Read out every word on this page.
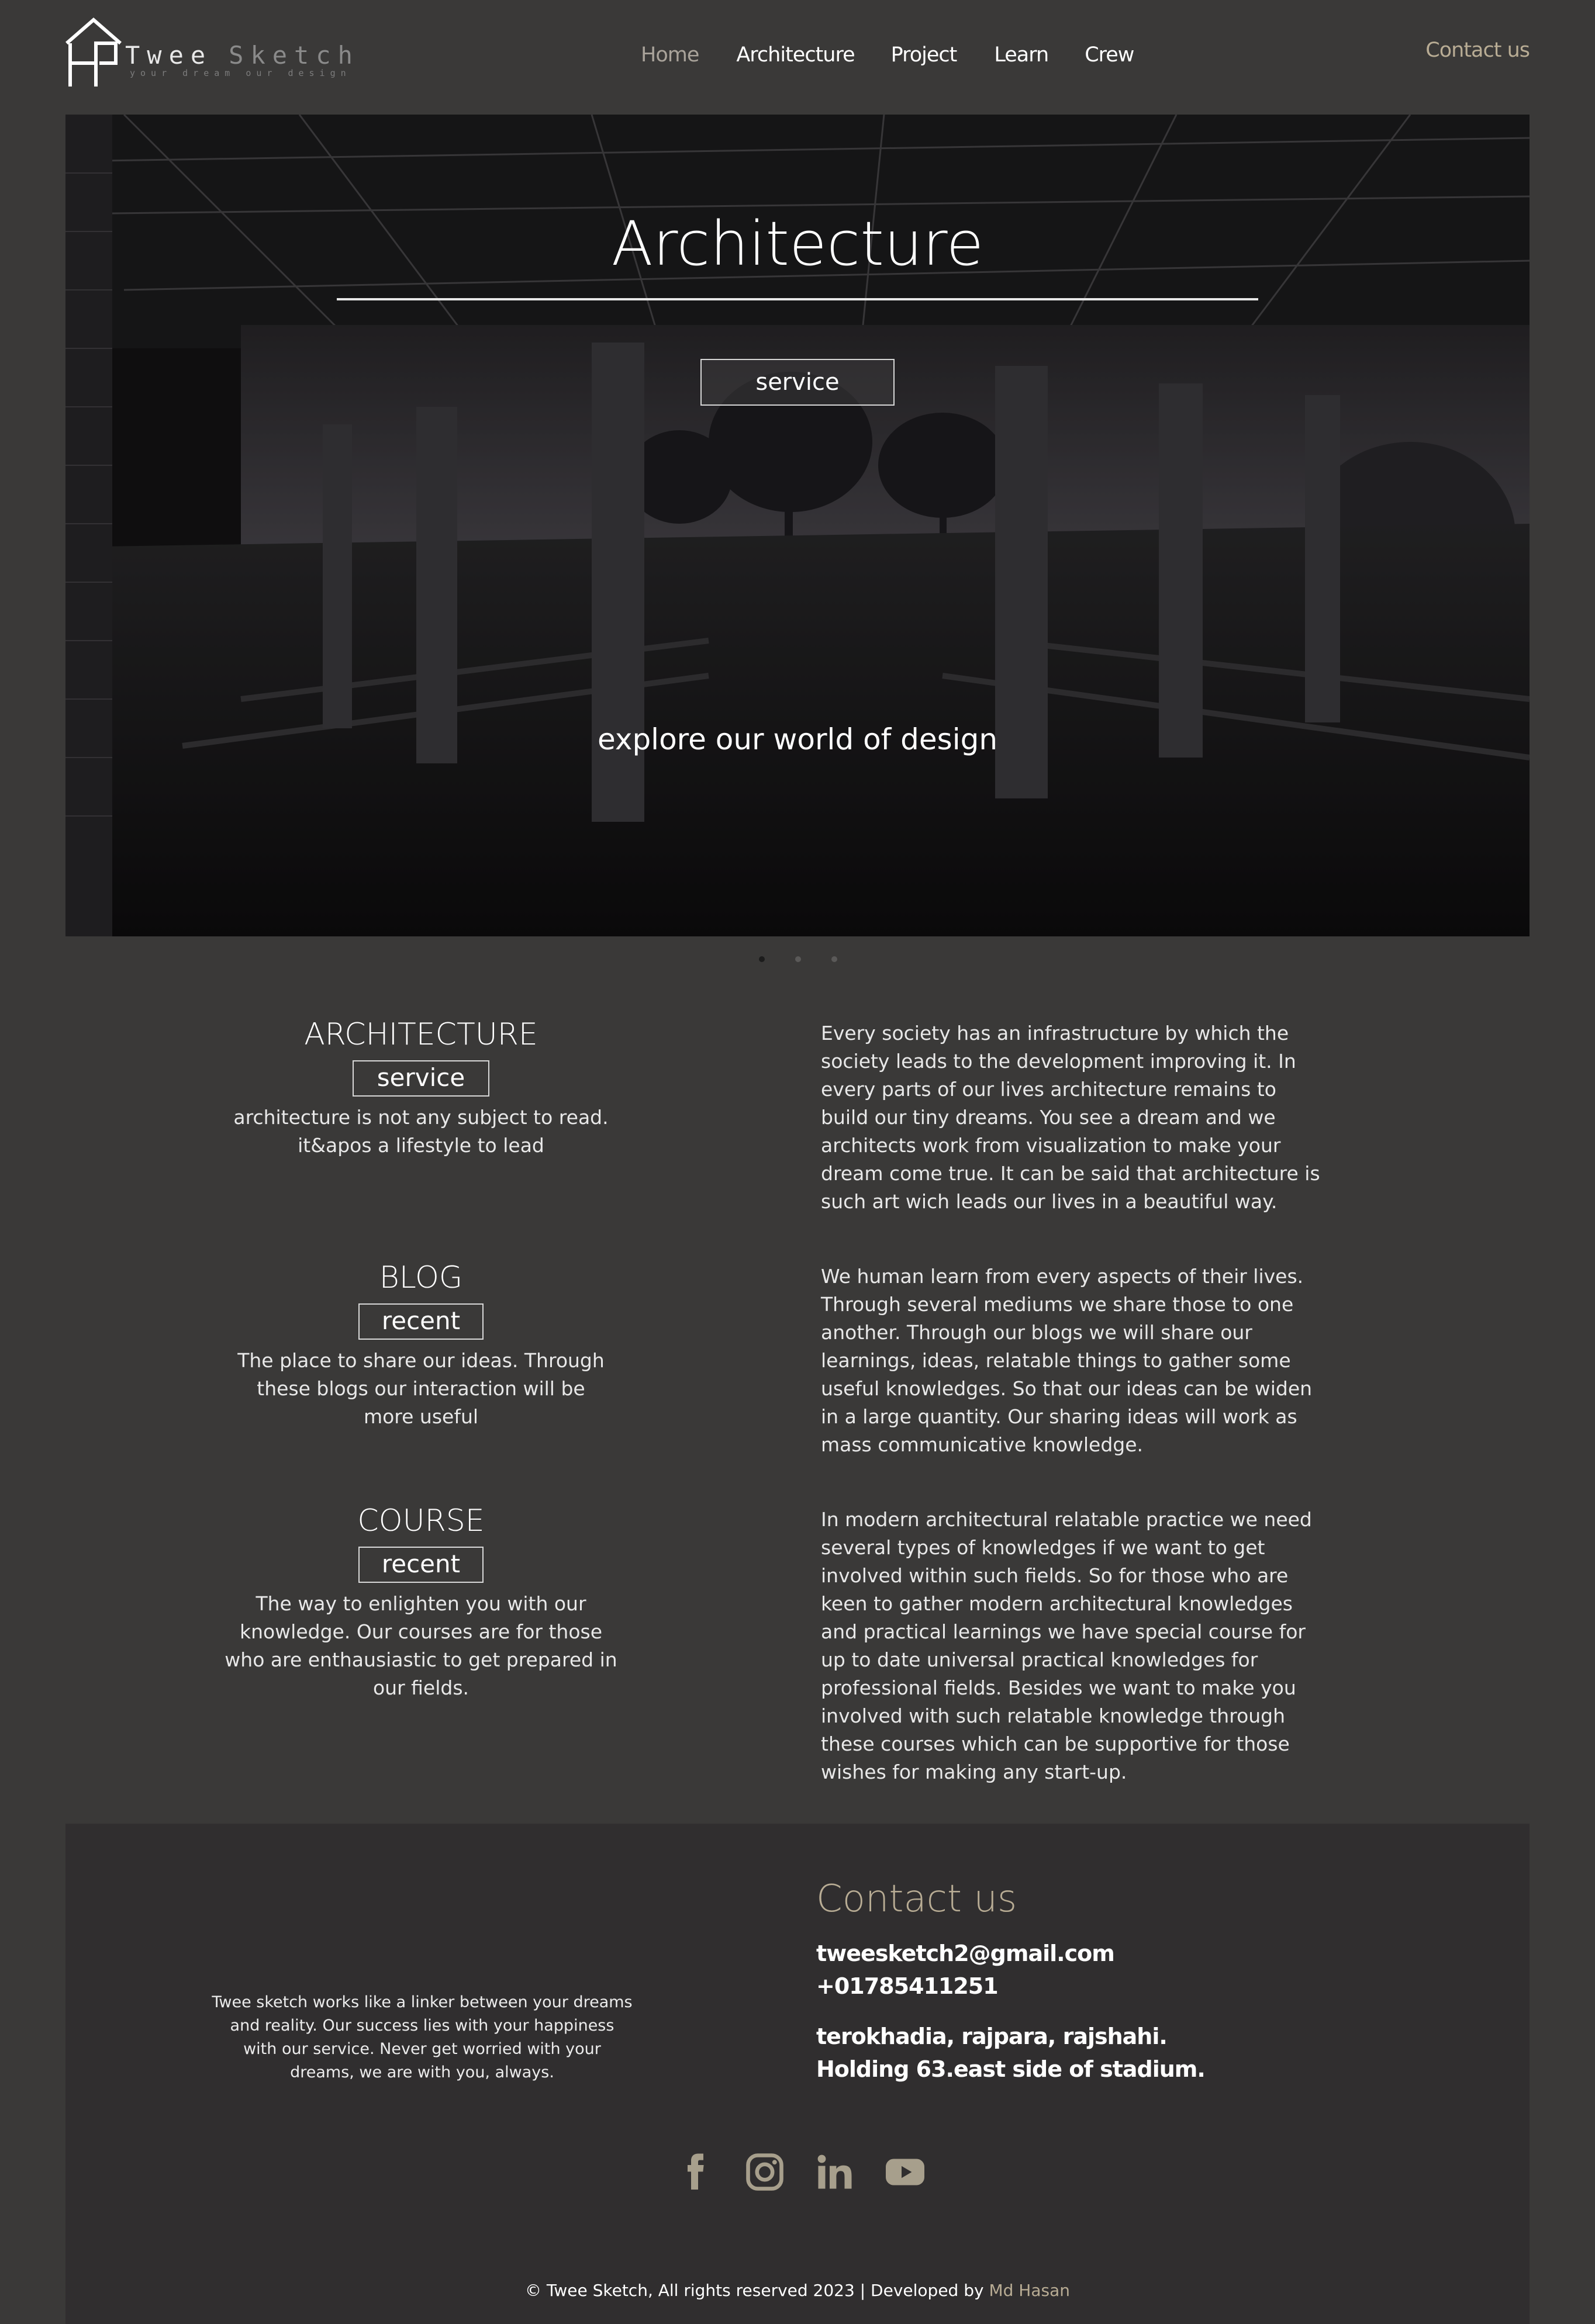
Twee Sketch
your dream our design
Home Architecture Project Learn Crew	Contact us
Architecture
service

explore our world of design

ARCHITECTURE
service

architecture is not any subject to read.
it&apos a lifestyle to lead

Every society has an infrastructure by which the society leads to the development improving it. In every parts of our lives architecture remains to build our tiny dreams. You see a dream and we architects work from visualization to make your dream come true. It can be said that architecture is such art wich leads our lives in a beautiful way.

BLOG
recent

The place to share our ideas. Through these blogs our interaction will be more useful

We human learn from every aspects of their lives. Through several mediums we share those to one another. Through our blogs we will share our learnings, ideas, relatable things to gather some useful knowledges. So that our ideas can be widen in a large quantity. Our sharing ideas will work as mass communicative knowledge.

COURSE
recent

The way to enlighten you with our knowledge. Our courses are for those who are enthausiastic to get prepared in our fields.

In modern architectural relatable practice we need several types of knowledges if we want to get involved within such fields. So for those who are keen to gather modern architectural knowledges and practical learnings we have special course for up to date universal practical knowledges for professional fields. Besides we want to make you involved with such relatable knowledge through these courses which can be supportive for those wishes for making any start-up.

Twee sketch works like a linker between your dreams and reality. Our success lies with your happiness with our service. Never get worried with your dreams, we are with you, always.

Contact us
tweesketch2@gmail.com
+01785411251

terokhadia, rajpara, rajshahi.

Holding 63.east side of stadium.

© Twee Sketch, All rights reserved 2023 | Developed by Md Hasan
